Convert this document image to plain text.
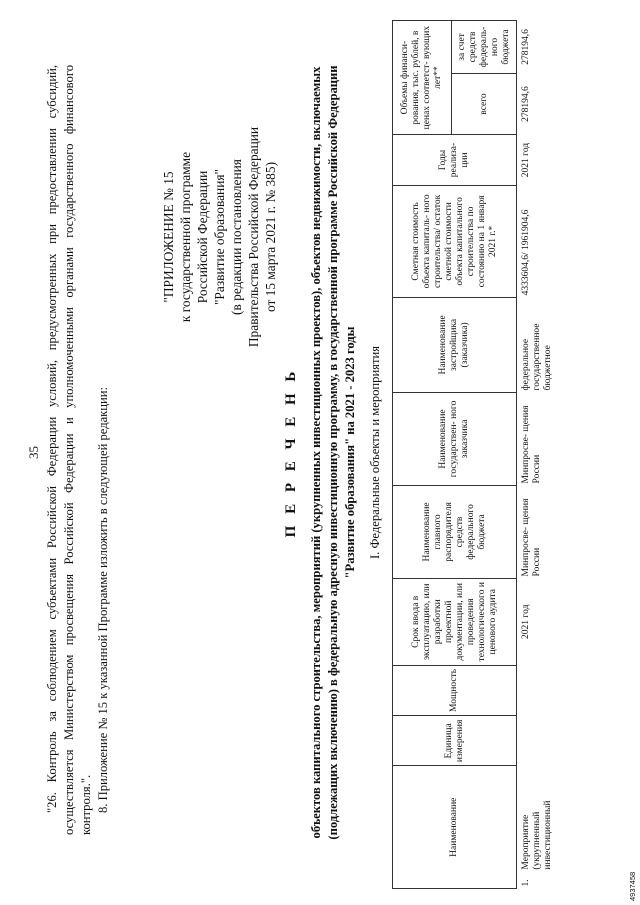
35 "26. Контроль за соблюдением субъектами Российской Федерации условий, предусмотренных при предоставлении субсидий, осуществляется Министерством просвещения Российской Федерации и уполномоченными органами государственного финансового контроля.". 8. Приложение № 15 к указанной Программе изложить в следующей редакции:
"ПРИЛОЖЕНИЕ № 15 к государственной программе Российской Федерации "Развитие образования" (в редакции постановления Правительства Российской Федерации от 15 марта 2021 г. № 385)
П Е Р Е Ч Е Н Ь объектов капитального строительства, мероприятий (укрупненных инвестиционных проектов), объектов недвижимости, включаемых (подлежащих включению) в федеральную адресную инвестиционную программу, в государственной программе Российской Федерации "Развитие образования" на 2021 - 2023 годы I. Федеральные объекты и мероприятия
Наименование		Единица измерения	Мощность	Срок ввода в эксплуатацию, или разработки проектной документации, или проведения технологического и ценового аудита	Наименование главного распорядителя средств федерального бюджета	Наименование государствен- ного заказчика	Наименование застройщика (заказчика)	Сметная стоимость объекта капиталь- ного строительства/ остаток сметной стоимости объекта капитального строительства по состоянию на 1 января 2021 г.*	Годы реализа- ции	Объемы финанси- рования, тыс. рублей, в ценах соответст- вующих лет**	
										всего	за счет средств федераль- ного бюджета
1.	Мероприятие (укрупненный инвестиционный			2021 год	Минпросве- щения России	Минпросве- щения России	федеральное государственное бюджетное	4333604,6/ 1961904,6	2021 год	278194,6	278194,6
4937458
